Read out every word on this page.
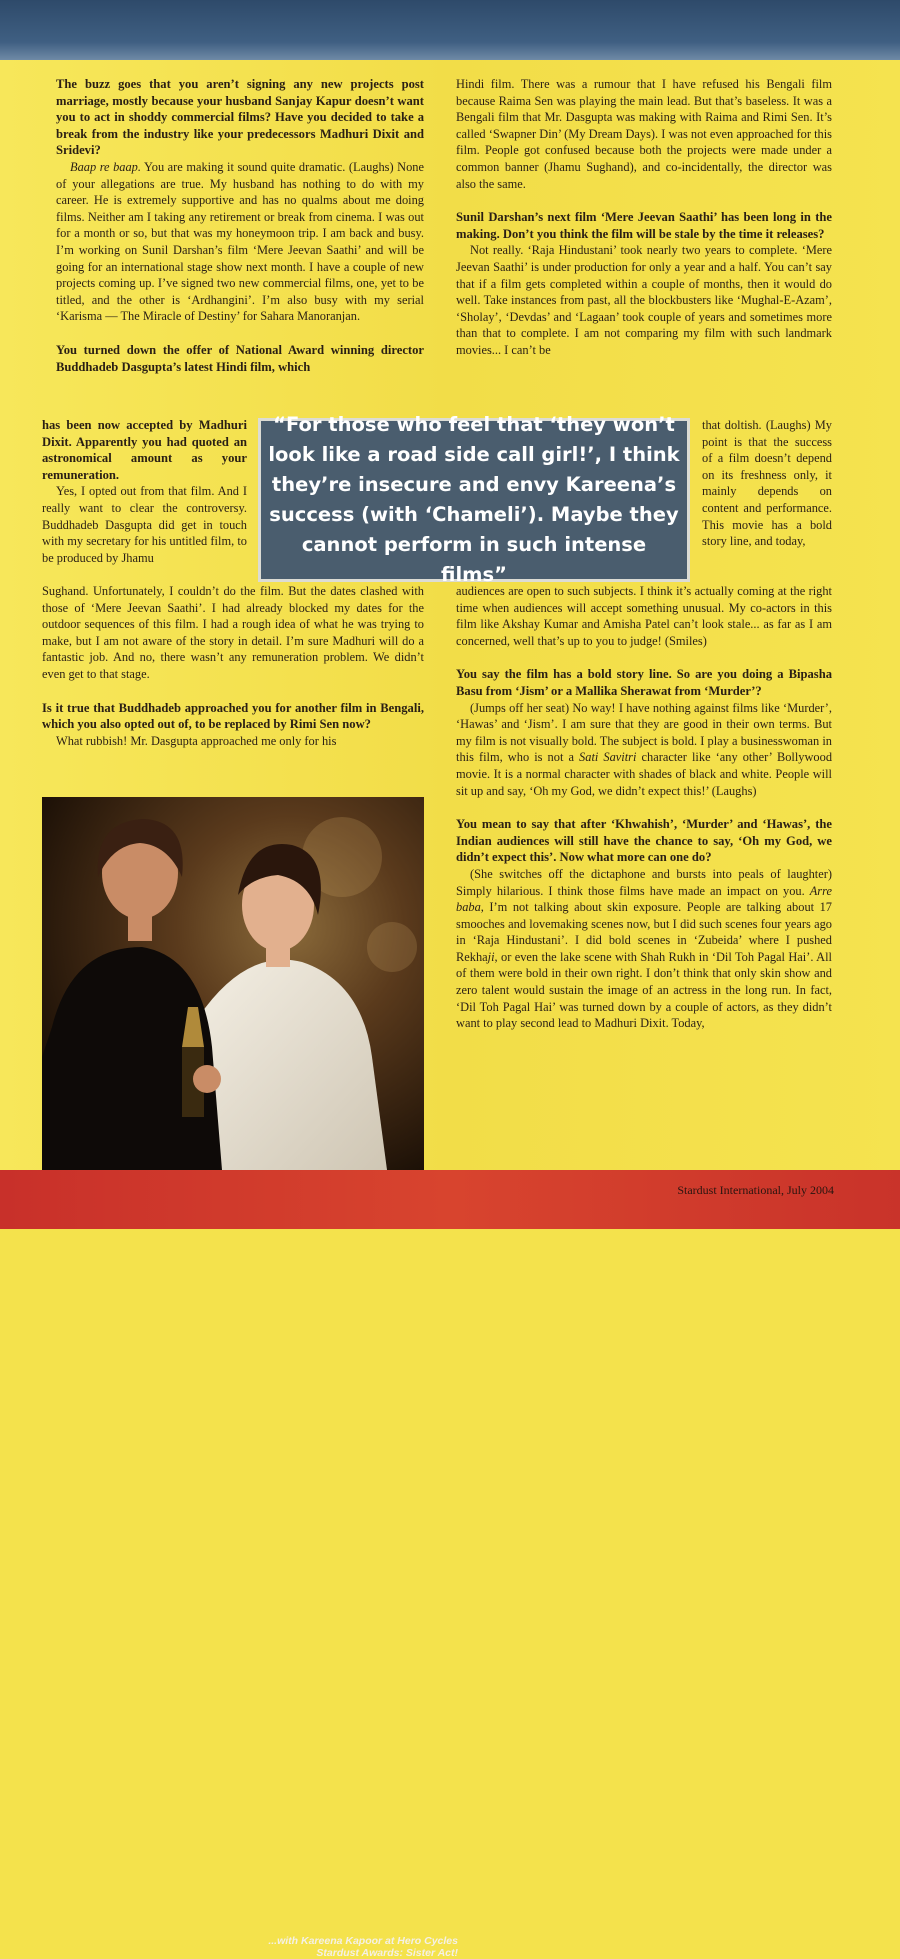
The buzz goes that you aren’t signing any new projects post marriage, mostly because your husband Sanjay Kapur doesn’t want you to act in shoddy commercial films? Have you decided to take a break from the industry like your predecessors Madhuri Dixit and Sridevi?

Baap re baap. You are making it sound quite dramatic. (Laughs) None of your allegations are true. My husband has nothing to do with my career. He is extremely supportive and has no qualms about me doing films. Neither am I taking any retirement or break from cinema. I was out for a month or so, but that was my honeymoon trip. I am back and busy. I’m working on Sunil Darshan’s film ‘Mere Jeevan Saathi’ and will be going for an international stage show next month. I have a couple of new projects coming up. I’ve signed two new commercial films, one, yet to be titled, and the other is ‘Ardhangini’. I’m also busy with my serial ‘Karisma — The Miracle of Destiny’ for Sahara Manoranjan.

You turned down the offer of National Award winning director Buddhadeb Dasgupta’s latest Hindi film, which

has been now accepted by Madhuri Dixit. Apparently you had quoted an astronomical amount as your remuneration.

Yes, I opted out from that film. And I really want to clear the controversy. Buddhadeb Dasgupta did get in touch with my secretary for his untitled film, to be produced by Jhamu

Sughand. Unfortunately, I couldn’t do the film. But the dates clashed with those of ‘Mere Jeevan Saathi’. I had already blocked my dates for the outdoor sequences of this film. I had a rough idea of what he was trying to make, but I am not aware of the story in detail. I’m sure Madhuri will do a fantastic job. And no, there wasn’t any remuneration problem. We didn’t even get to that stage.

Is it true that Buddhadeb approached you for another film in Bengali, which you also opted out of, to be replaced by Rimi Sen now?

What rubbish! Mr. Dasgupta approached me only for his

Hindi film. There was a rumour that I have refused his Bengali film because Raima Sen was playing the main lead. But that’s baseless. It was a Bengali film that Mr. Dasgupta was making with Raima and Rimi Sen. It’s called ‘Swapner Din’ (My Dream Days). I was not even approached for this film. People got confused because both the projects were made under a common banner (Jhamu Sughand), and co-incidentally, the director was also the same.

Sunil Darshan’s next film ‘Mere Jeevan Saathi’ has been long in the making. Don’t you think the film will be stale by the time it releases?

Not really. ‘Raja Hindustani’ took nearly two years to complete. ‘Mere Jeevan Saathi’ is under production for only a year and a half. You can’t say that if a film gets completed within a couple of months, then it would do well. Take instances from past, all the blockbusters like ‘Mughal-E-Azam’, ‘Sholay’, ‘Devdas’ and ‘Lagaan’ took couple of years and sometimes more than that to complete. I am not comparing my film with such landmark movies... I can’t be

that doltish. (Laughs) My point is that the success of a film doesn’t depend on its freshness only, it mainly depends on content and performance. This movie has a bold story line, and today,

audiences are open to such subjects. I think it’s actually coming at the right time when audiences will accept something unusual. My co-actors in this film like Akshay Kumar and Amisha Patel can’t look stale... as far as I am concerned, well that’s up to you to judge! (Smiles)

You say the film has a bold story line. So are you doing a Bipasha Basu from ‘Jism’ or a Mallika Sherawat from ‘Murder’?

(Jumps off her seat) No way! I have nothing against films like ‘Murder’, ‘Hawas’ and ‘Jism’. I am sure that they are good in their own terms. But my film is not visually bold. The subject is bold. I play a businesswoman in this film, who is not a Sati Savitri character like ‘any other’ Bollywood movie. It is a normal character with shades of black and white. People will sit up and say, ‘Oh my God, we didn’t expect this!’ (Laughs)

You mean to say that after ‘Khwahish’, ‘Murder’ and ‘Hawas’, the Indian audiences will still have the chance to say, ‘Oh my God, we didn’t expect this’. Now what more can one do?

(She switches off the dictaphone and bursts into peals of laughter) Simply hilarious. I think those films have made an impact on you. Arre baba, I’m not talking about skin exposure. People are talking about 17 smooches and lovemaking scenes now, but I did such scenes four years ago in ‘Raja Hindustani’. I did bold scenes in ‘Zubeida’ where I pushed Rekhaji, or even the lake scene with Shah Rukh in ‘Dil Toh Pagal Hai’. All of them were bold in their own right. I don’t think that only skin show and zero talent would sustain the image of an actress in the long run. In fact, ‘Dil Toh Pagal Hai’ was turned down by a couple of actors, as they didn’t want to play second lead to Madhuri Dixit. Today,

“For those who feel that ‘they won’t look like a road side call girl!’, I think they’re insecure and envy Kareena’s success (with ‘Chameli’). Maybe they cannot perform in such intense films”
...with Kareena Kapoor at Hero Cycles
Stardust Awards: Sister Act!
Stardust International, July 2004
